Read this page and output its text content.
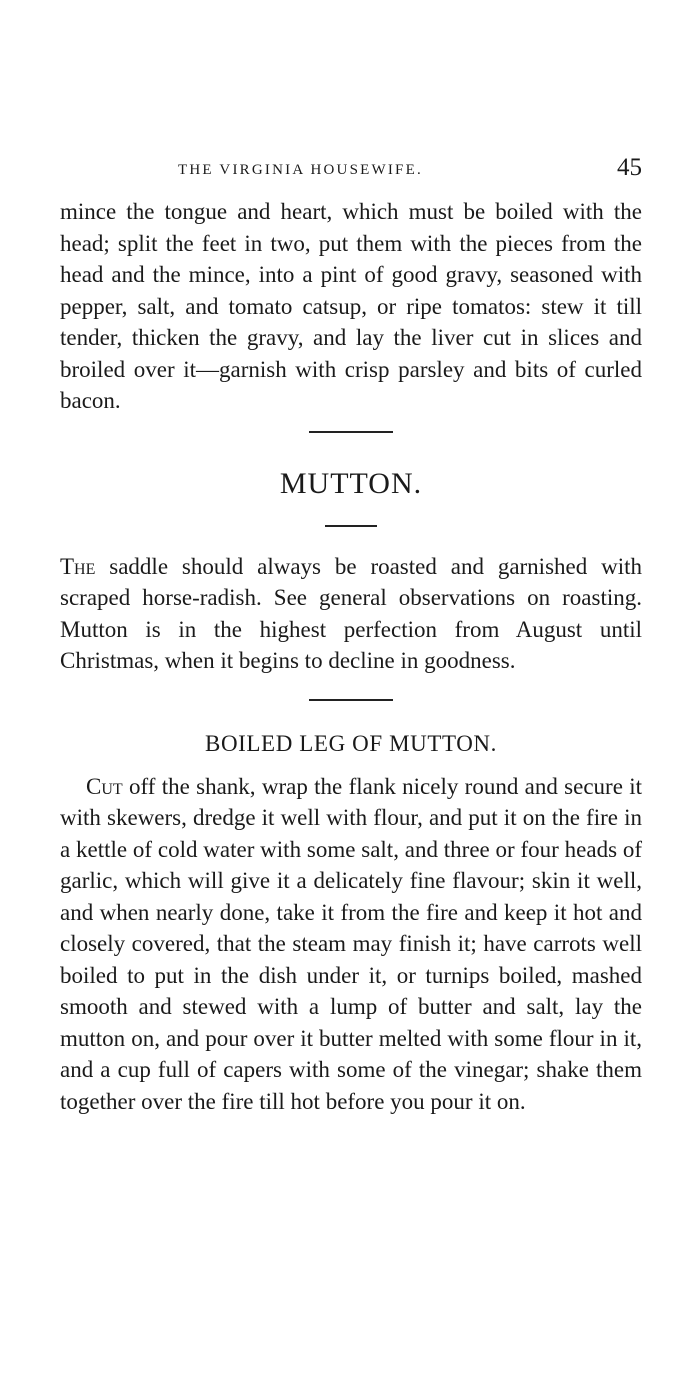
THE VIRGINIA HOUSEWIFE.	45

mince the tongue and heart, which must be boiled with the head; split the feet in two, put them with the pieces from the head and the mince, into a pint of good gravy, seasoned with pepper, salt, and tomato catsup, or ripe tomatos: stew it till tender, thicken the gravy, and lay the liver cut in slices and broiled over it—garnish with crisp parsley and bits of curled bacon.

MUTTON.

The saddle should always be roasted and garnished with scraped horse-radish. See general observations on roasting. Mutton is in the highest perfection from August until Christmas, when it begins to decline in goodness.

BOILED LEG OF MUTTON.

Cut off the shank, wrap the flank nicely round and secure it with skewers, dredge it well with flour, and put it on the fire in a kettle of cold water with some salt, and three or four heads of garlic, which will give it a delicately fine flavour; skin it well, and when nearly done, take it from the fire and keep it hot and closely covered, that the steam may finish it; have carrots well boiled to put in the dish under it, or turnips boiled, mashed smooth and stewed with a lump of butter and salt, lay the mutton on, and pour over it butter melted with some flour in it, and a cup full of capers with some of the vinegar; shake them together over the fire till hot before you pour it on.
